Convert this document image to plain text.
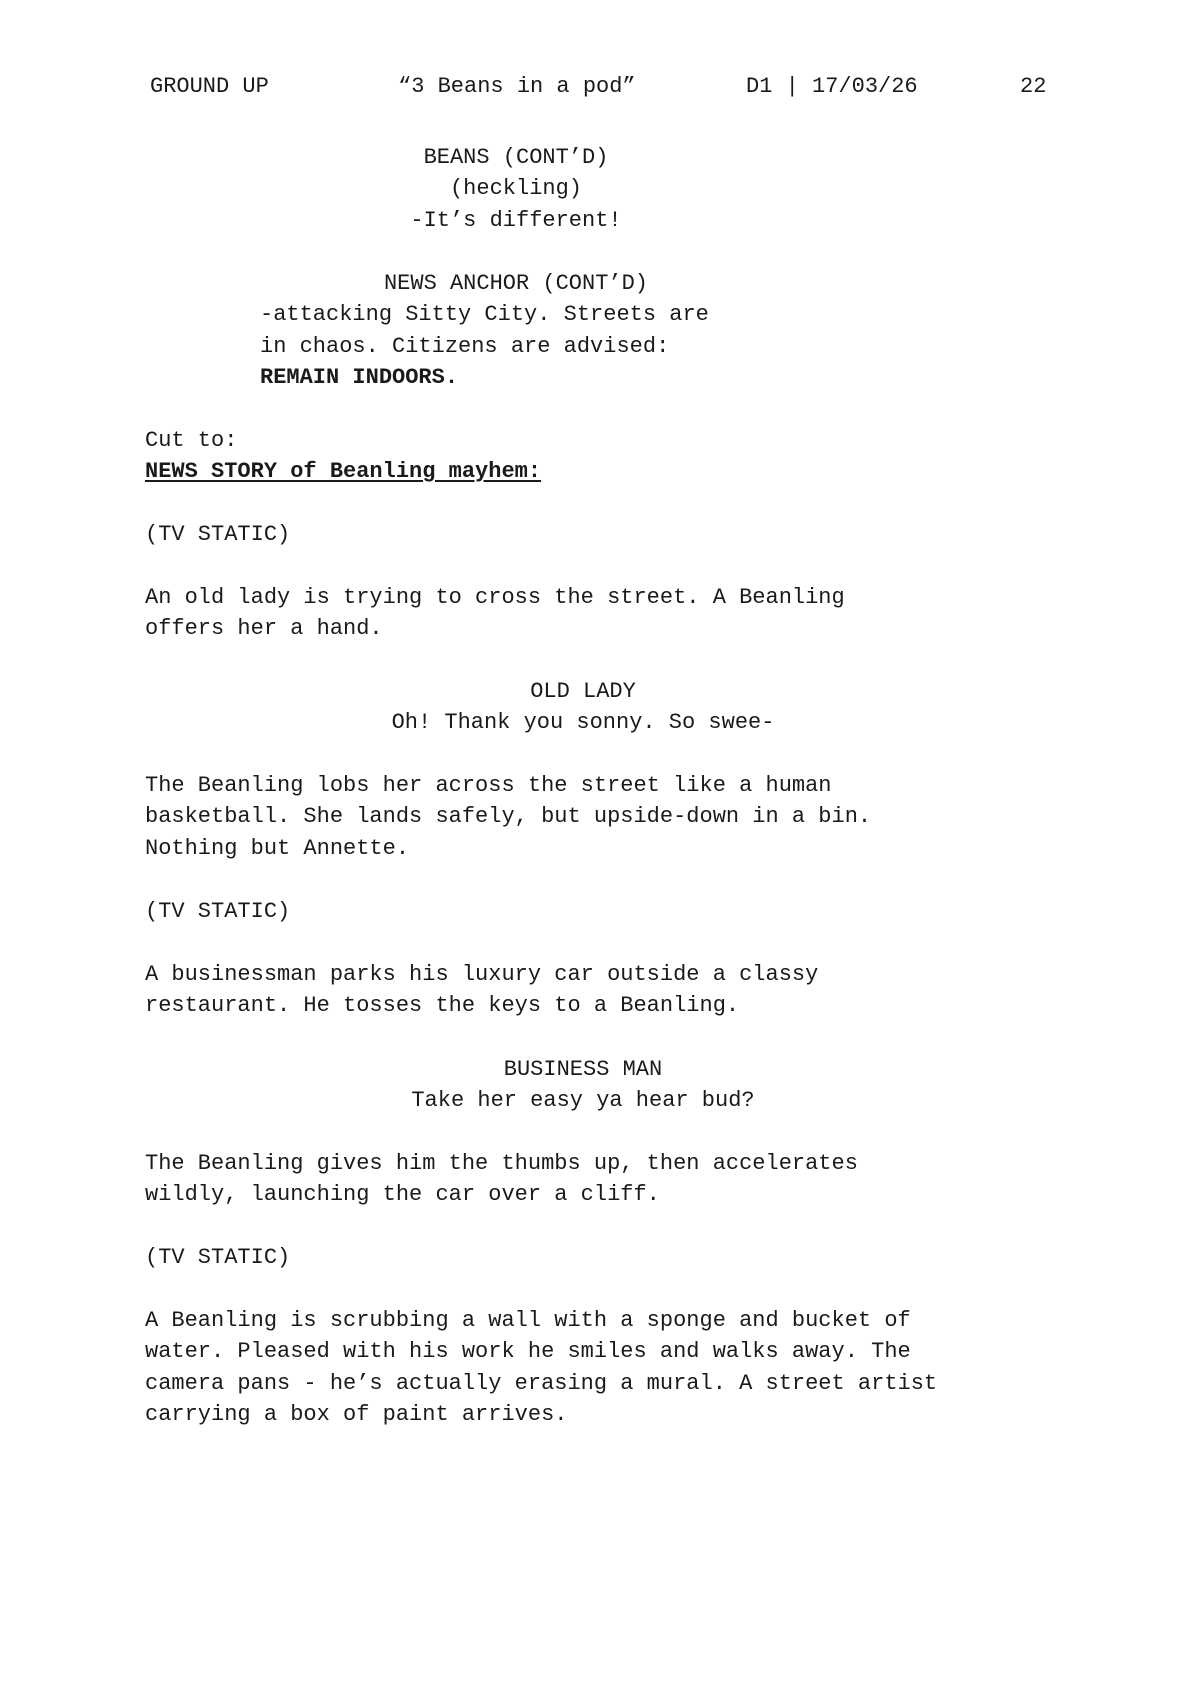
GROUND UP	“3 Beans in a pod”	D1 | 17/03/26	22
BEANS (CONT’D)
(heckling)
-It’s different!
NEWS ANCHOR (CONT’D)
-attacking Sitty City. Streets are
in chaos. Citizens are advised:
REMAIN INDOORS.
Cut to:
NEWS STORY of Beanling mayhem:
(TV STATIC)
An old lady is trying to cross the street. A Beanling
offers her a hand.
OLD LADY
Oh! Thank you sonny. So swee-
The Beanling lobs her across the street like a human
basketball. She lands safely, but upside-down in a bin.
Nothing but Annette.
(TV STATIC)
A businessman parks his luxury car outside a classy
restaurant. He tosses the keys to a Beanling.
BUSINESS MAN
Take her easy ya hear bud?
The Beanling gives him the thumbs up, then accelerates
wildly, launching the car over a cliff.
(TV STATIC)
A Beanling is scrubbing a wall with a sponge and bucket of
water. Pleased with his work he smiles and walks away. The
camera pans - he’s actually erasing a mural. A street artist
carrying a box of paint arrives.
